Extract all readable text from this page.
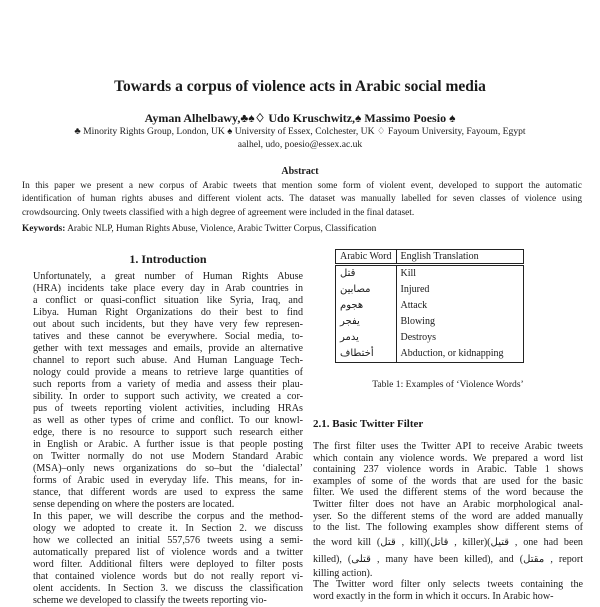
Towards a corpus of violence acts in Arabic social media
Ayman Alhelbawy,♣♠♢ Udo Kruschwitz,♠ Massimo Poesio ♠
♣ Minority Rights Group, London, UK ♠ University of Essex, Colchester, UK ♢ Fayoum University, Fayoum, Egypt
aalhel, udo, poesio@essex.ac.uk
Abstract
In this paper we present a new corpus of Arabic tweets that mention some form of violent event, developed to support the automatic
identification of human rights abuses and different violent acts. The dataset was manually labelled for seven classes of violence using
crowdsourcing. Only tweets classified with a high degree of agreement were included in the final dataset.
Keywords: Arabic NLP, Human Rights Abuse, Violence, Arabic Twitter Corpus, Classification
1. Introduction
Unfortunately, a great number of Human Rights Abuse
(HRA) incidents take place every day in Arab countries in
a conflict or quasi-conflict situation like Syria, Iraq, and
Libya. Human Right Organizations do their best to find
out about such incidents, but they have very few represen-
tatives and these cannot be everywhere. Social media, to-
gether with text messages and emails, provide an alternative
channel to report such abuse. And Human Language Tech-
nology could provide a means to retrieve large quantities of
such reports from a variety of media and assess their plau-
sibility. In order to support such activity, we created a cor-
pus of tweets reporting violent activities, including HRAs
as well as other types of crime and conflict. To our knowl-
edge, there is no resource to support such research either
in English or Arabic. A further issue is that people posting
on Twitter normally do not use Modern Standard Arabic
(MSA)–only news organizations do so–but the ‘dialectal’
forms of Arabic used in everyday life. This means, for in-
stance, that different words are used to express the same
sense depending on where the posters are located.
In this paper, we will describe the corpus and the method-
ology we adopted to create it. In Section 2. we discuss
how we collected an initial 557,576 tweets using a semi-
automatically prepared list of violence words and a twitter
word filter. Additional filters were deployed to filter posts
that contained violence words but do not really report vi-
olent accidents. In Section 3. we discuss the classification
scheme we developed to classify the tweets reporting vio-
Arabic Word	English Translation
قتل	Kill
مصابين	Injured
هجوم	Attack
يفجر	Blowing
يدمر	Destroys
أختطاف	Abduction, or kidnapping
Table 1: Examples of ‘Violence Words’
2.1. Basic Twitter Filter
The first filter uses the Twitter API to receive Arabic tweets
which contain any violence words. We prepared a word list
containing 237 violence words in Arabic. Table 1 shows
examples of some of the words that are used for the basic
filter. We used the different stems of the word because the
Twitter filter does not have an Arabic morphological anal-
yser. So the different stems of the word are added manually
to the list. The following examples show different stems of
the word kill (قتل , kill)(قاتل , killer)(قتيل , one had been
killed), (قتلى , many have been killed), and (مقتل , report
killing action).
The Twitter word filter only selects tweets containing the
word exactly in the form in which it occurs. In Arabic how-
